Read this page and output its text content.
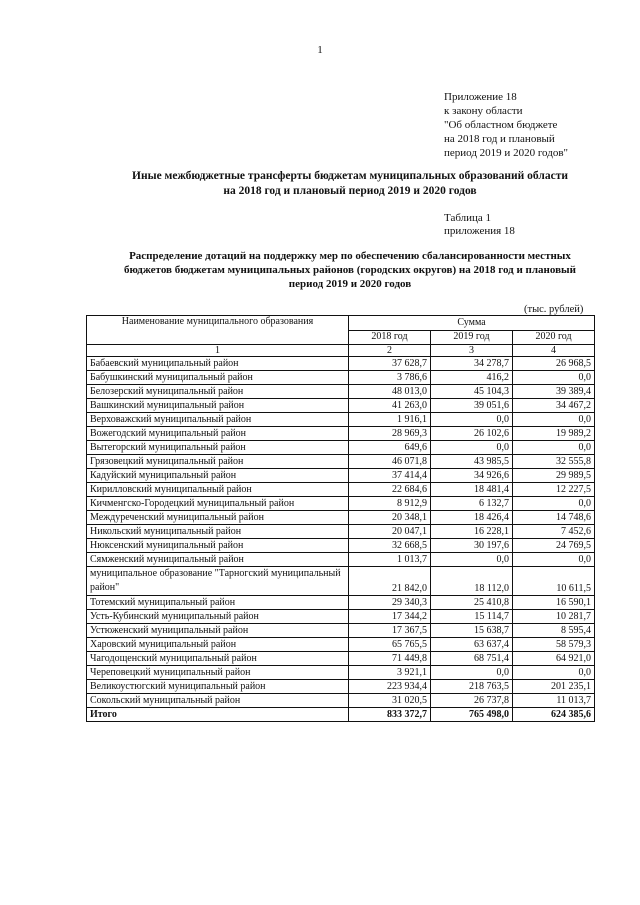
1
Приложение 18
к закону области
"Об областном бюджете
на 2018 год и плановый
период 2019 и 2020 годов"
Иные межбюджетные трансферты бюджетам муниципальных образований области
на 2018 год и плановый период 2019 и 2020 годов
Таблица 1
приложения 18
Распределение дотаций на поддержку мер по обеспечению сбалансированности местных
бюджетов бюджетам муниципальных районов (городских округов) на 2018 год и плановый
период 2019 и 2020 годов
(тыс. рублей)
Наименование муниципального образования	Сумма		
	2018 год	2019 год	2020 год
1	2	3	4
Бабаевский муниципальный район	37 628,7	34 278,7	26 968,5
Бабушкинский муниципальный район	3 786,6	416,2	0,0
Белозерский муниципальный район	48 013,0	45 104,3	39 389,4
Вашкинский муниципальный район	41 263,0	39 051,6	34 467,2
Верховажский муниципальный район	1 916,1	0,0	0,0
Вожегодский муниципальный район	28 969,3	26 102,6	19 989,2
Вытегорский муниципальный район	649,6	0,0	0,0
Грязовецкий муниципальный район	46 071,8	43 985,5	32 555,8
Кадуйский муниципальный район	37 414,4	34 926,6	29 989,5
Кирилловский муниципальный район	22 684,6	18 481,4	12 227,5
Кичменгско-Городецкий муниципальный район	8 912,9	6 132,7	0,0
Междуреченский муниципальный район	20 348,1	18 426,4	14 748,6
Никольский муниципальный район	20 047,1	16 228,1	7 452,6
Нюксенский муниципальный район	32 668,5	30 197,6	24 769,5
Сямженский муниципальный район	1 013,7	0,0	0,0
муниципальное образование "Тарногский муниципальный район"	21 842,0	18 112,0	10 611,5
Тотемский муниципальный район	29 340,3	25 410,8	16 590,1
Усть-Кубинский муниципальный район	17 344,2	15 114,7	10 281,7
Устюженский муниципальный район	17 367,5	15 638,7	8 595,4
Харовский муниципальный район	65 765,5	63 637,4	58 579,3
Чагодощенский муниципальный район	71 449,8	68 751,4	64 921,0
Череповецкий муниципальный район	3 921,1	0,0	0,0
Великоустюгский муниципальный район	223 934,4	218 763,5	201 235,1
Сокольский муниципальный район	31 020,5	26 737,8	11 013,7
Итого	833 372,7	765 498,0	624 385,6
